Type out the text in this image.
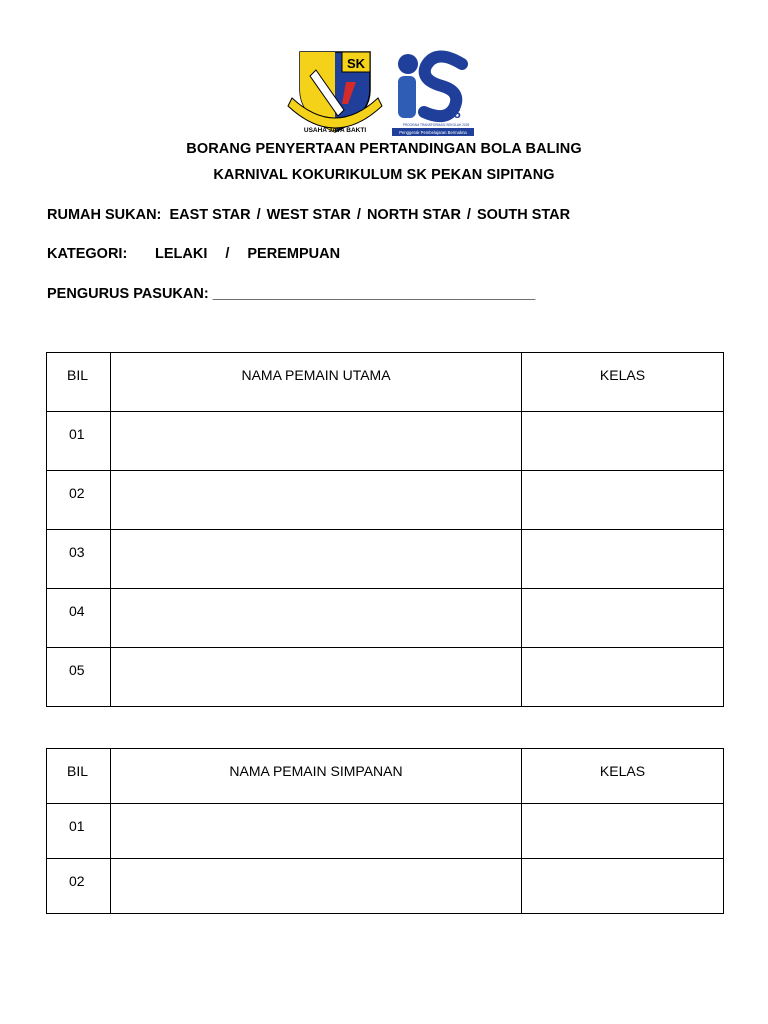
SK
USAHA JAYA BAKTI
25
PROGRAM TRANSFORMASI SEKOLAH 2025
Penggerak Pembelajaran Bermakna
BORANG PENYERTAAN PERTANDINGAN BOLA BALING
KARNIVAL KOKURIKULUM SK PEKAN SIPITANG
RUMAH SUKAN: EAST STAR / WEST STAR / NORTH STAR / SOUTH STAR
KATEGORI: LELAKI / PEREMPUAN
PENGURUS PASUKAN: ________________________________________
BIL	NAMA PEMAIN UTAMA	KELAS

01		

02		

03		

04		

05		

BIL	NAMA PEMAIN SIMPANAN	KELAS

01		

02		
